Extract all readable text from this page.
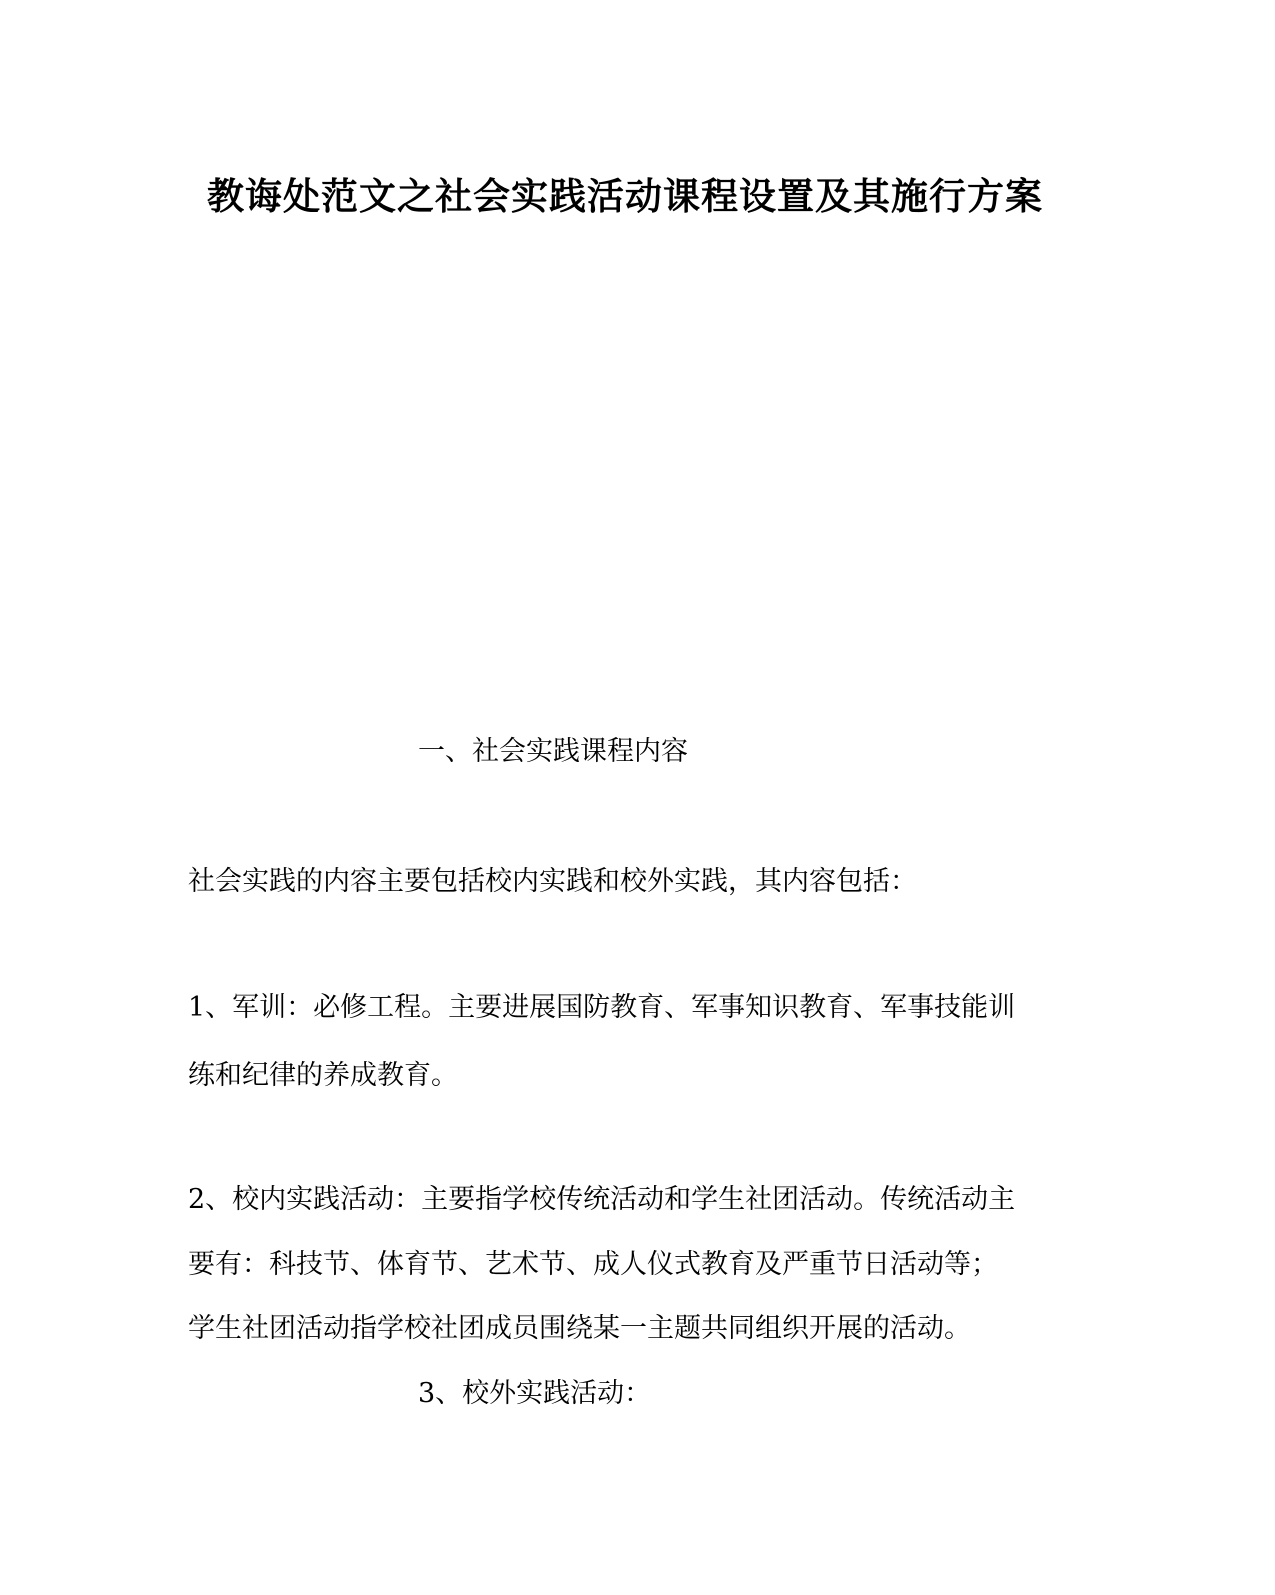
教诲处范文之社会实践活动课程设置及其施行方案

一、社会实践课程内容

社会实践的内容主要包括校内实践和校外实践，其内容包括：

1、军训：必修工程。主要进展国防教育、军事知识教育、军事技能训

练和纪律的养成教育。

2、校内实践活动：主要指学校传统活动和学生社团活动。传统活动主

要有：科技节、体育节、艺术节、成人仪式教育及严重节日活动等；

学生社团活动指学校社团成员围绕某一主题共同组织开展的活动。

3、校外实践活动：
